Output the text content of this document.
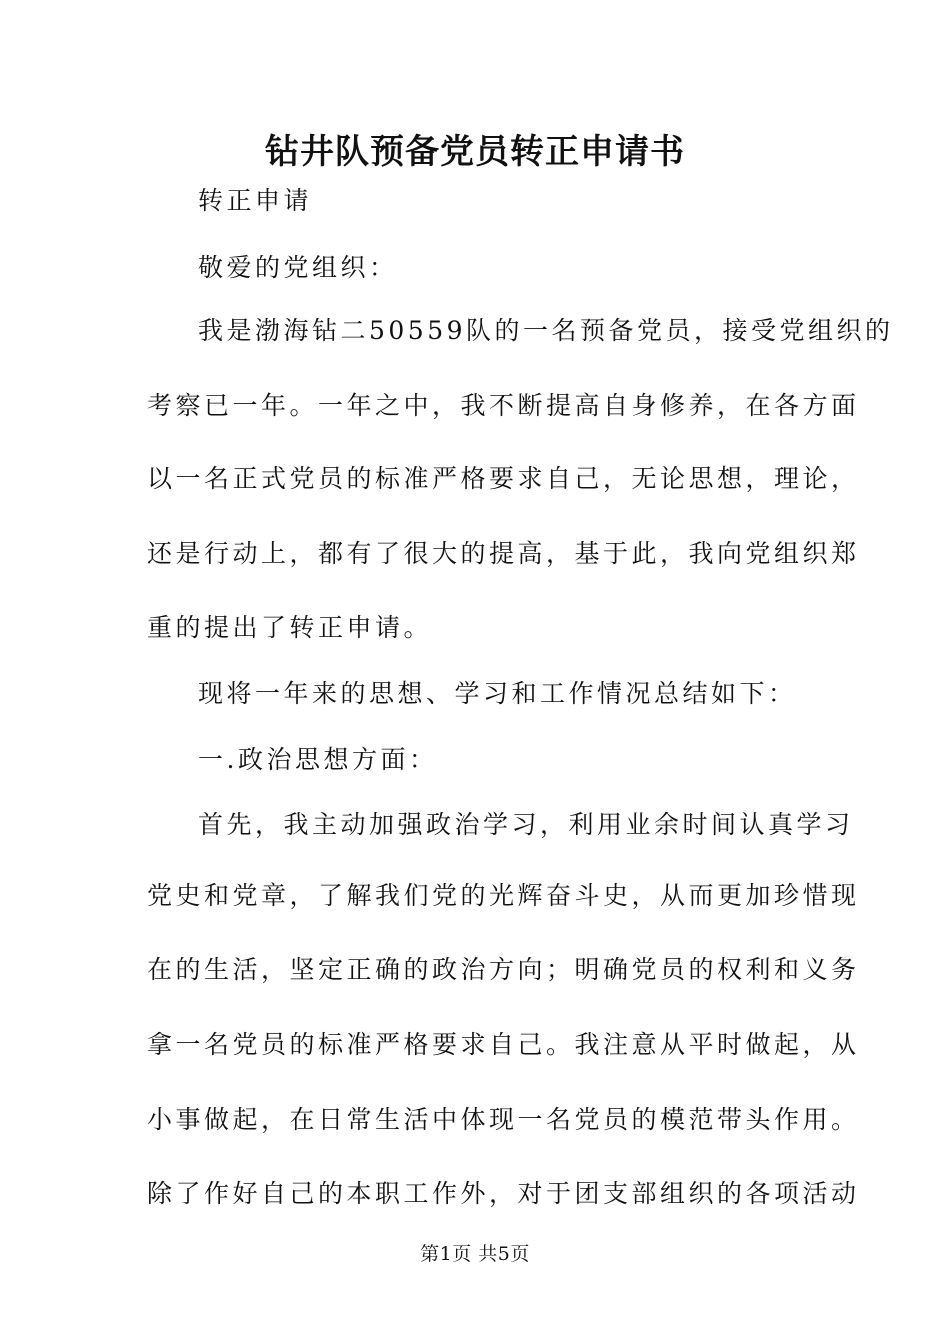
钻井队预备党员转正申请书

转正申请

敬爱的党组织：

我是渤海钻二50559队的一名预备党员，接受党组织的

考察已一年。一年之中，我不断提高自身修养，在各方面

以一名正式党员的标准严格要求自己，无论思想，理论，

还是行动上，都有了很大的提高，基于此，我向党组织郑

重的提出了转正申请。

现将一年来的思想、学习和工作情况总结如下：

一.政治思想方面：

首先，我主动加强政治学习，利用业余时间认真学习

党史和党章，了解我们党的光辉奋斗史，从而更加珍惜现

在的生活，坚定正确的政治方向；明确党员的权利和义务

拿一名党员的标准严格要求自己。我注意从平时做起，从

小事做起，在日常生活中体现一名党员的模范带头作用。

除了作好自己的本职工作外，对于团支部组织的各项活动

第1页 共5页
